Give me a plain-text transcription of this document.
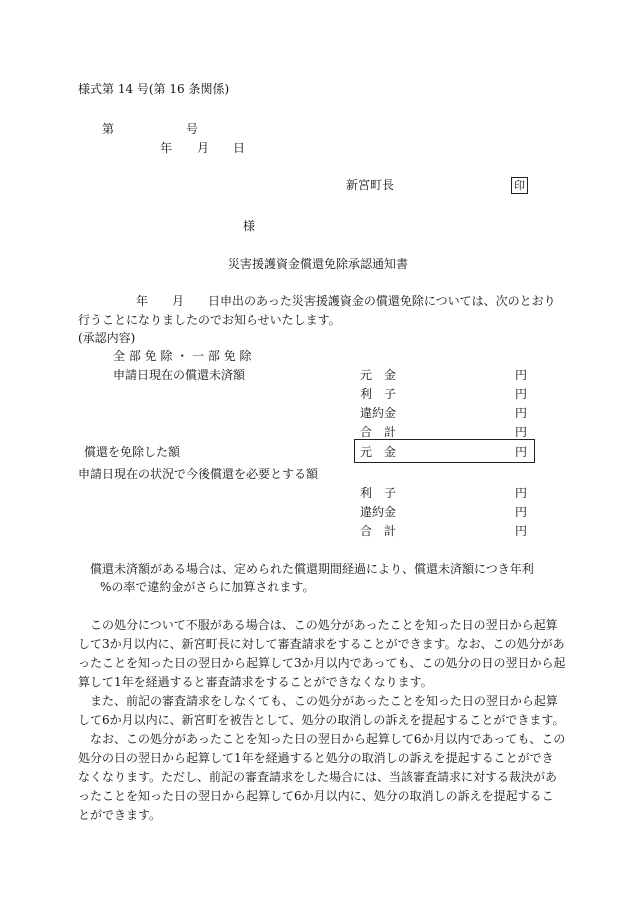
様式第 14 号(第 16 条関係)
第	号
年 月 日
新宮町長	印
様
災害援護資金償還免除承認通知書
年 月 日申出のあった災害援護資金の償還免除については、次のとおり
行うことになりましたのでお知らせいたします。
(承認内容)
全 部 免 除 ・ 一 部 免 除
申請日現在の償還未済額	元　金	円
利　子	円
違約金	円
合　計	円
償還を免除した額	元　金	円
申請日現在の状況で今後償還を必要とする額
利　子	円
違約金	円
合　計	円
償還未済額がある場合は、定められた償還期間経過により、償還未済額につき年利
%の率で違約金がさらに加算されます。
この処分について不服がある場合は、この処分があったことを知った日の翌日から起算
して3か月以内に、新宮町長に対して審査請求をすることができます。なお、この処分があ
ったことを知った日の翌日から起算して3か月以内であっても、この処分の日の翌日から起
算して1年を経過すると審査請求をすることができなくなります。
また、前記の審査請求をしなくても、この処分があったことを知った日の翌日から起算
して6か月以内に、新宮町を被告として、処分の取消しの訴えを提起することができます。
なお、この処分があったことを知った日の翌日から起算して6か月以内であっても、この
処分の日の翌日から起算して1年を経過すると処分の取消しの訴えを提起することができ
なくなります。ただし、前記の審査請求をした場合には、当該審査請求に対する裁決があ
ったことを知った日の翌日から起算して6か月以内に、処分の取消しの訴えを提起するこ
とができます。
